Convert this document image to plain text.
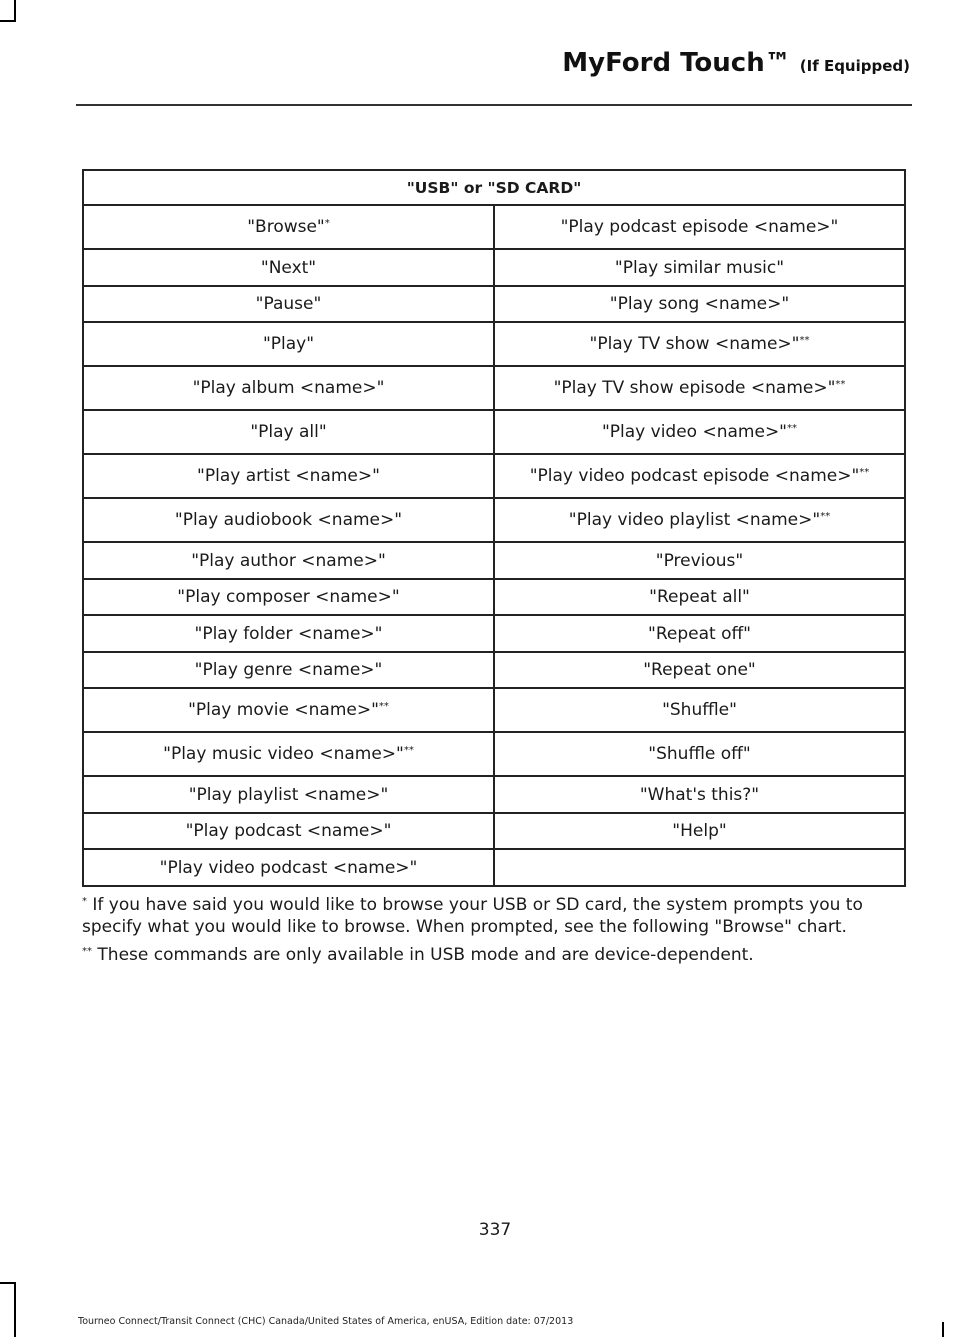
MyFord Touch™ (If Equipped)
"USB" or "SD CARD"	
"Browse"*	"Play podcast episode <name>"
"Next"	"Play similar music"
"Pause"	"Play song <name>"
"Play"	"Play TV show <name>"**
"Play album <name>"	"Play TV show episode <name>"**
"Play all"	"Play video <name>"**
"Play artist <name>"	"Play video podcast episode <name>"**
"Play audiobook <name>"	"Play video playlist <name>"**
"Play author <name>"	"Previous"
"Play composer <name>"	"Repeat all"
"Play folder <name>"	"Repeat off"
"Play genre <name>"	"Repeat one"
"Play movie <name>"**	"Shuffle"
"Play music video <name>"**	"Shuffle off"
"Play playlist <name>"	"What's this?"
"Play podcast <name>"	"Help"
"Play video podcast <name>"	

* If you have said you would like to browse your USB or SD card, the system prompts you to specify what you would like to browse. When prompted, see the following "Browse" chart.

** These commands are only available in USB mode and are device-dependent.

337
Tourneo Connect/Transit Connect (CHC) Canada/United States of America, enUSA, Edition date: 07/2013
